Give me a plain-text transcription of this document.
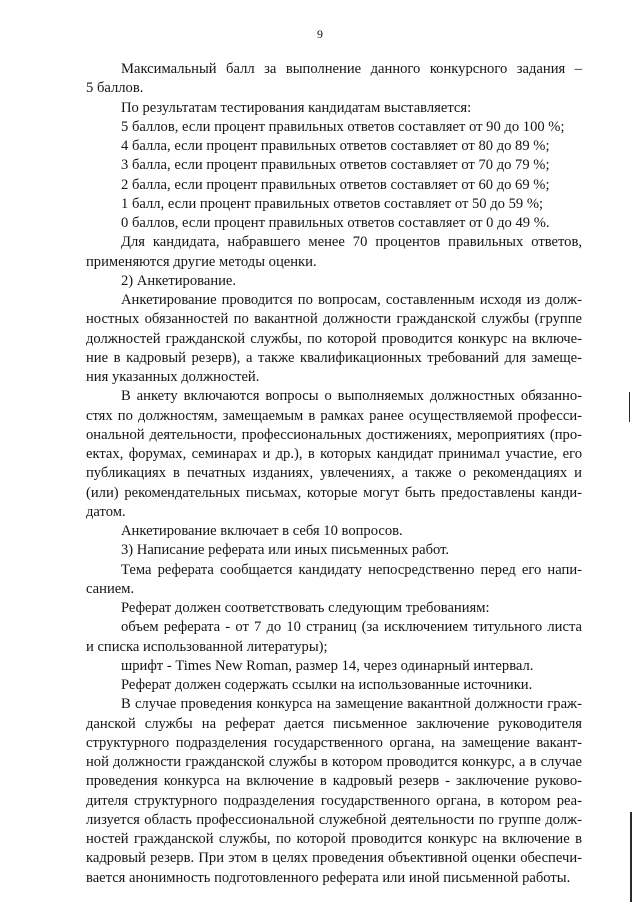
9
Максимальный балл за выполнение данного конкурсного задания –
5 баллов.
По результатам тестирования кандидатам выставляется:
5 баллов, если процент правильных ответов составляет от 90 до 100 %;
4 балла, если процент правильных ответов составляет от 80 до 89 %;
3 балла, если процент правильных ответов составляет от 70 до 79 %;
2 балла, если процент правильных ответов составляет от 60 до 69 %;
1 балл, если процент правильных ответов составляет от 50 до 59 %;
0 баллов, если процент правильных ответов составляет от 0 до 49 %.
Для кандидата, набравшего менее 70 процентов правильных ответов,
применяются другие методы оценки.
2) Анкетирование.
Анкетирование проводится по вопросам, составленным исходя из долж-
ностных обязанностей по вакантной должности гражданской службы (группе
должностей гражданской службы, по которой проводится конкурс на включе-
ние в кадровый резерв), а также квалификационных требований для замеще-
ния указанных должностей.
В анкету включаются вопросы о выполняемых должностных обязанно-
стях по должностям, замещаемым в рамках ранее осуществляемой професси-
ональной деятельности, профессиональных достижениях, мероприятиях (про-
ектах, форумах, семинарах и др.), в которых кандидат принимал участие, его
публикациях в печатных изданиях, увлечениях, а также о рекомендациях и
(или) рекомендательных письмах, которые могут быть предоставлены канди-
датом.
Анкетирование включает в себя 10 вопросов.
3) Написание реферата или иных письменных работ.
Тема реферата сообщается кандидату непосредственно перед его напи-
санием.
Реферат должен соответствовать следующим требованиям:
объем реферата - от 7 до 10 страниц (за исключением титульного листа
и списка использованной литературы);
шрифт - Times New Roman, размер 14, через одинарный интервал.
Реферат должен содержать ссылки на использованные источники.
В случае проведения конкурса на замещение вакантной должности граж-
данской службы на реферат дается письменное заключение руководителя
структурного подразделения государственного органа, на замещение вакант-
ной должности гражданской службы в котором проводится конкурс, а в случае
проведения конкурса на включение в кадровый резерв - заключение руково-
дителя структурного подразделения государственного органа, в котором реа-
лизуется область профессиональной служебной деятельности по группе долж-
ностей гражданской службы, по которой проводится конкурс на включение в
кадровый резерв. При этом в целях проведения объективной оценки обеспечи-
вается анонимность подготовленного реферата или иной письменной работы.
